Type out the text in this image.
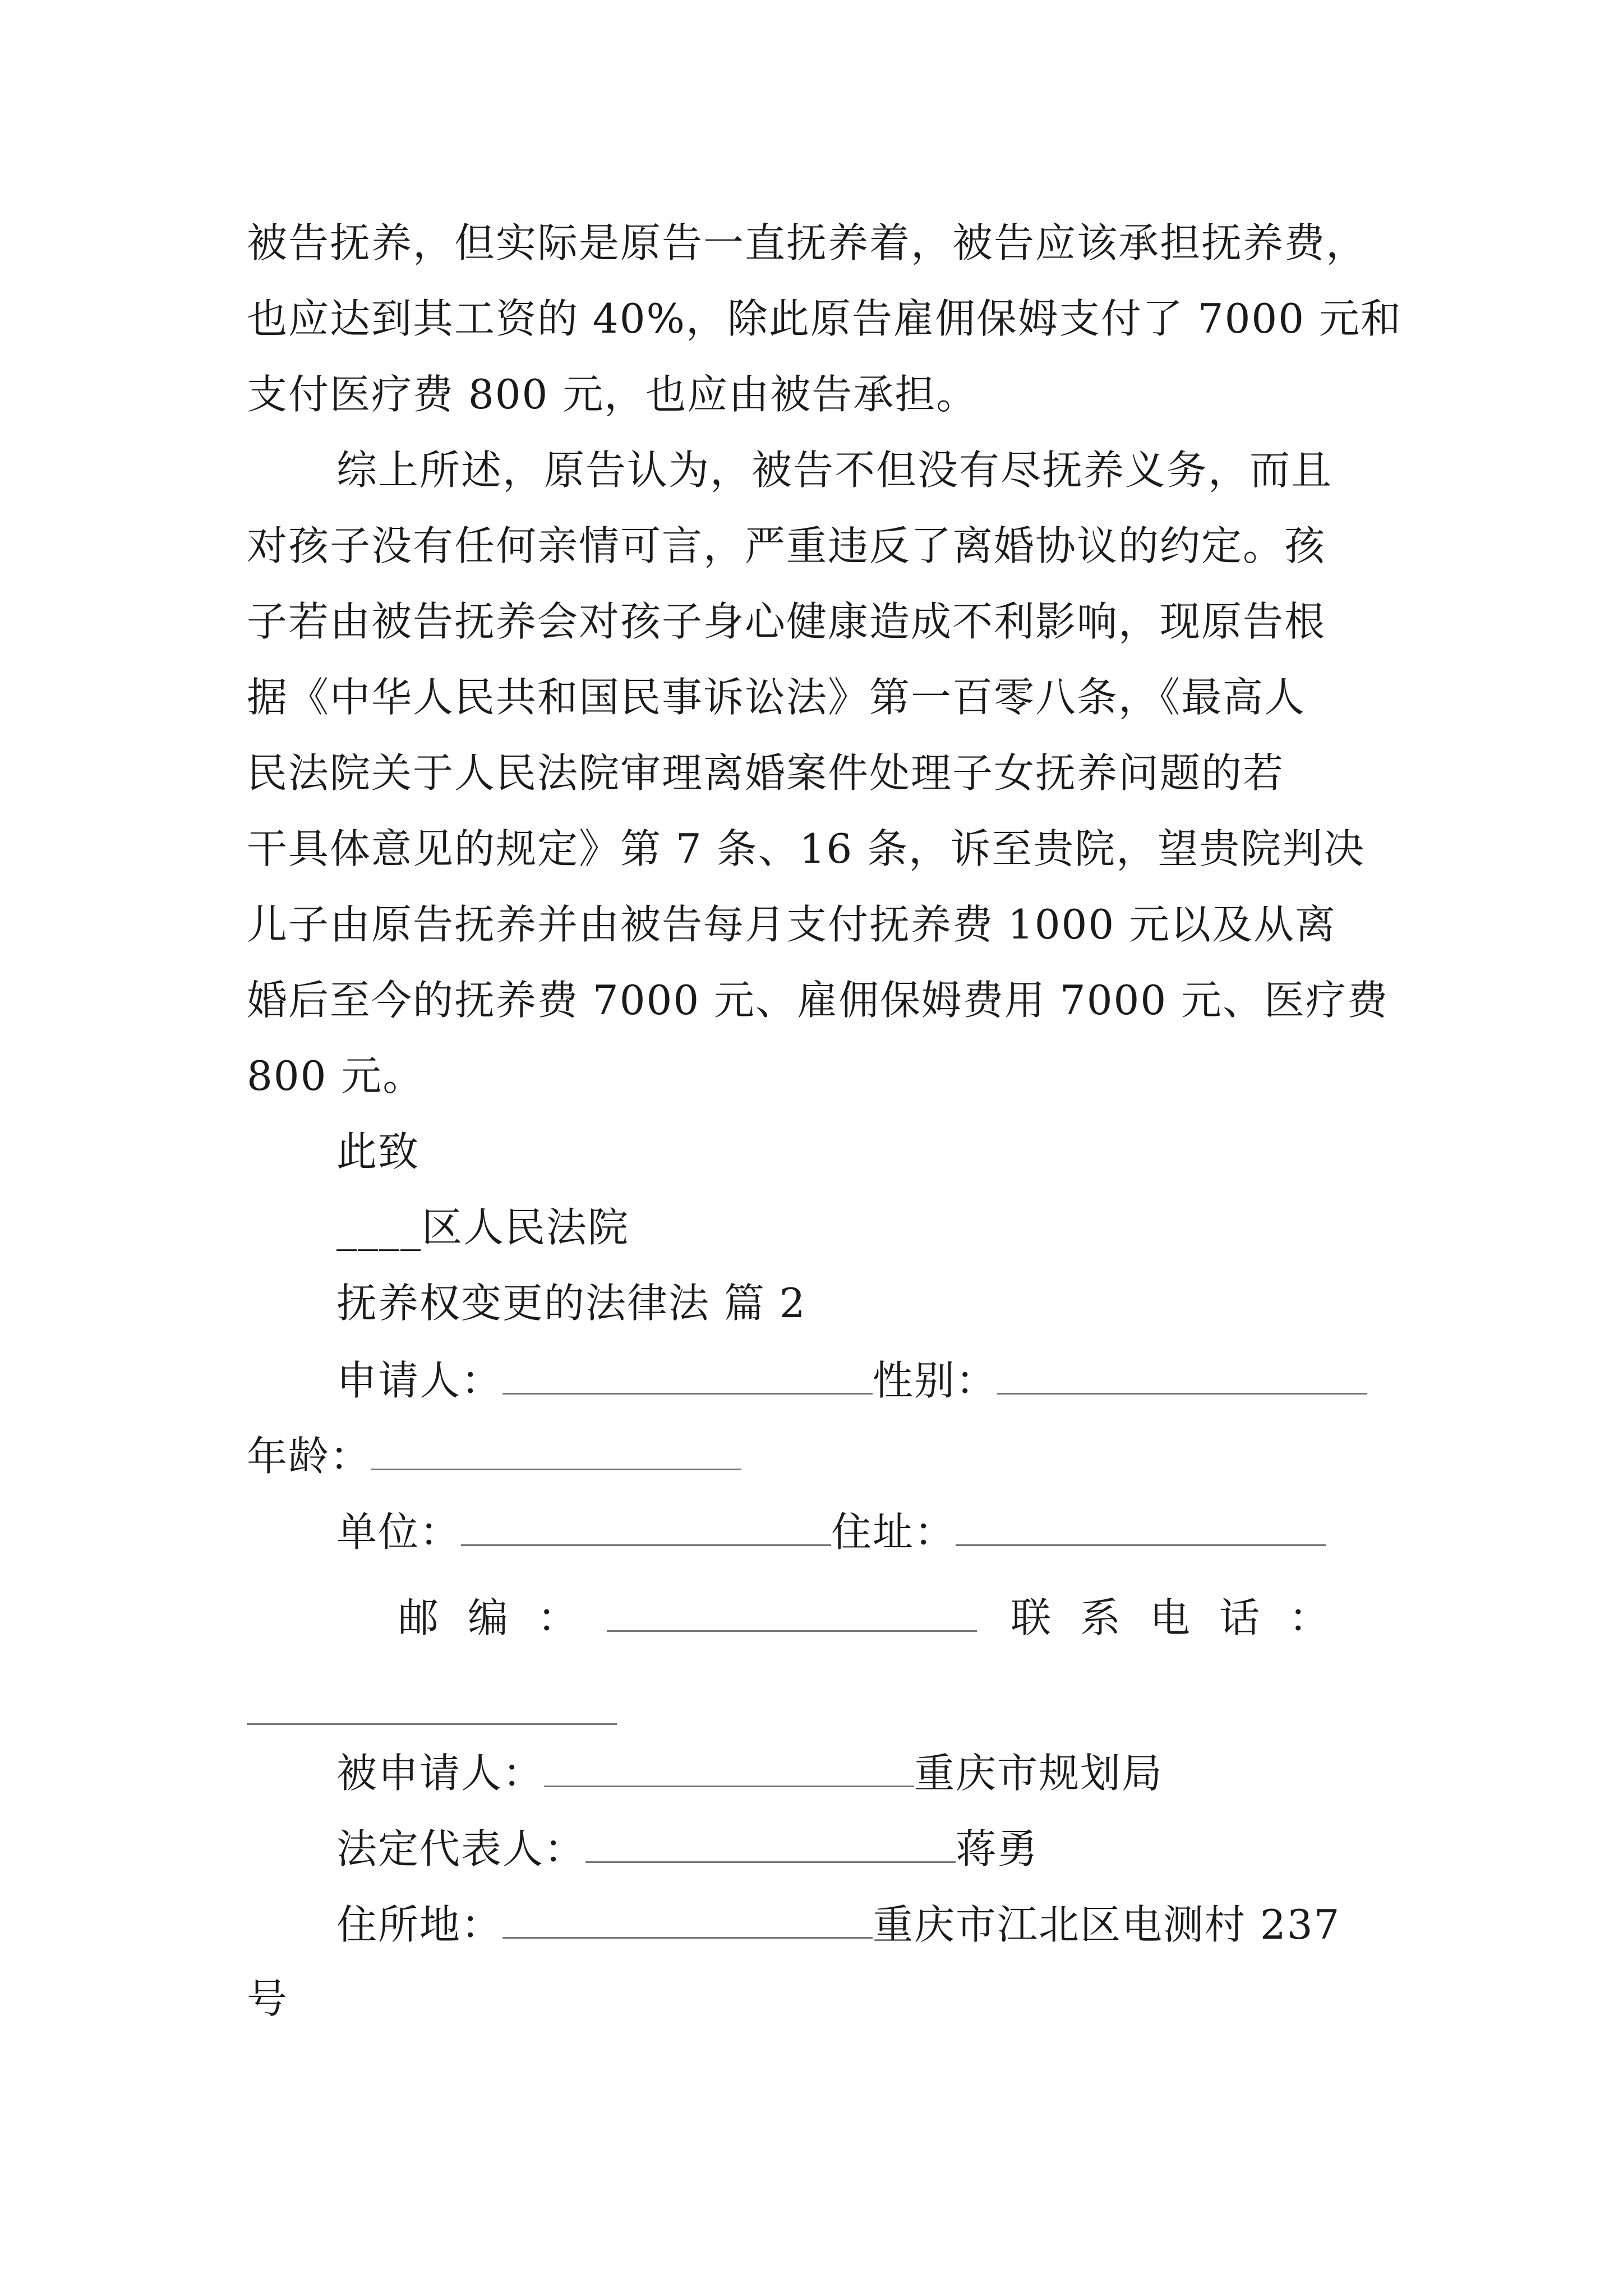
被告抚养，但实际是原告一直抚养着，被告应该承担抚养费，
也应达到其工资的 40%，除此原告雇佣保姆支付了 7000 元和
支付医疗费 800 元，也应由被告承担。
综上所述，原告认为，被告不但没有尽抚养义务，而且
对孩子没有任何亲情可言，严重违反了离婚协议的约定。孩
子若由被告抚养会对孩子身心健康造成不利影响，现原告根
据《中华人民共和国民事诉讼法》第一百零八条，《最高人
民法院关于人民法院审理离婚案件处理子女抚养问题的若
干具体意见的规定》第 7 条、16 条，诉至贵院，望贵院判决
儿子由原告抚养并由被告每月支付抚养费 1000 元以及从离
婚后至今的抚养费 7000 元、雇佣保姆费用 7000 元、医疗费
800 元。
此致
____区人民法院
抚养权变更的法律法 篇 2
申请人：	性别：
年龄：
单位：	住址：
邮编：	联系电话：
被申请人：	重庆市规划局
法定代表人：	蒋勇
住所地：	重庆市江北区电测村 237
号
